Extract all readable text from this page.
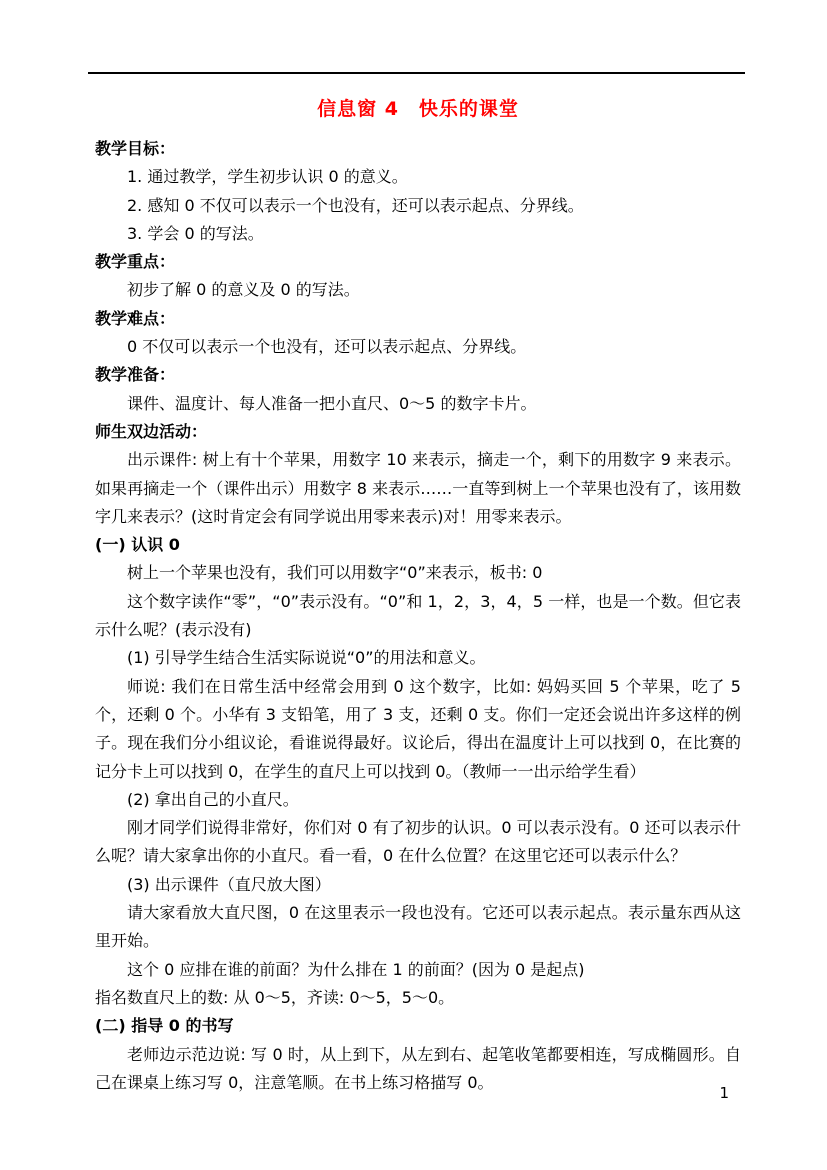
信息窗 4　快乐的课堂

教学目标：

1. 通过教学，学生初步认识 0 的意义。

2. 感知 0 不仅可以表示一个也没有，还可以表示起点、分界线。

3. 学会 0 的写法。

教学重点：

初步了解 0 的意义及 0 的写法。

教学难点：

0 不仅可以表示一个也没有，还可以表示起点、分界线。

教学准备：

课件、温度计、每人准备一把小直尺、0～5 的数字卡片。

师生双边活动：

出示课件: 树上有十个苹果，用数字 10 来表示，摘走一个，剩下的用数字 9 来表示。如果再摘走一个（课件出示）用数字 8 来表示……一直等到树上一个苹果也没有了，该用数字几来表示？(这时肯定会有同学说出用零来表示)对！用零来表示。

(一) 认识 0

树上一个苹果也没有，我们可以用数字“0”来表示，板书: 0

这个数字读作“零”，“0”表示没有。“0”和 1，2，3，4，5 一样，也是一个数。但它表示什么呢？(表示没有)

(1) 引导学生结合生活实际说说“0”的用法和意义。

师说: 我们在日常生活中经常会用到 0 这个数字，比如: 妈妈买回 5 个苹果，吃了 5 个，还剩 0 个。小华有 3 支铅笔，用了 3 支，还剩 0 支。你们一定还会说出许多这样的例子。现在我们分小组议论，看谁说得最好。议论后，得出在温度计上可以找到 0，在比赛的记分卡上可以找到 0，在学生的直尺上可以找到 0。（教师一一出示给学生看）

(2) 拿出自己的小直尺。

刚才同学们说得非常好，你们对 0 有了初步的认识。0 可以表示没有。0 还可以表示什么呢？请大家拿出你的小直尺。看一看，0 在什么位置？在这里它还可以表示什么？

(3) 出示课件（直尺放大图）

请大家看放大直尺图，0 在这里表示一段也没有。它还可以表示起点。表示量东西从这里开始。

这个 0 应排在谁的前面？为什么排在 1 的前面？(因为 0 是起点)

指名数直尺上的数: 从 0～5，齐读: 0～5，5～0。

(二) 指导 0 的书写

老师边示范边说: 写 0 时，从上到下，从左到右、起笔收笔都要相连，写成椭圆形。自己在课桌上练习写 0，注意笔顺。在书上练习格描写 0。

1
